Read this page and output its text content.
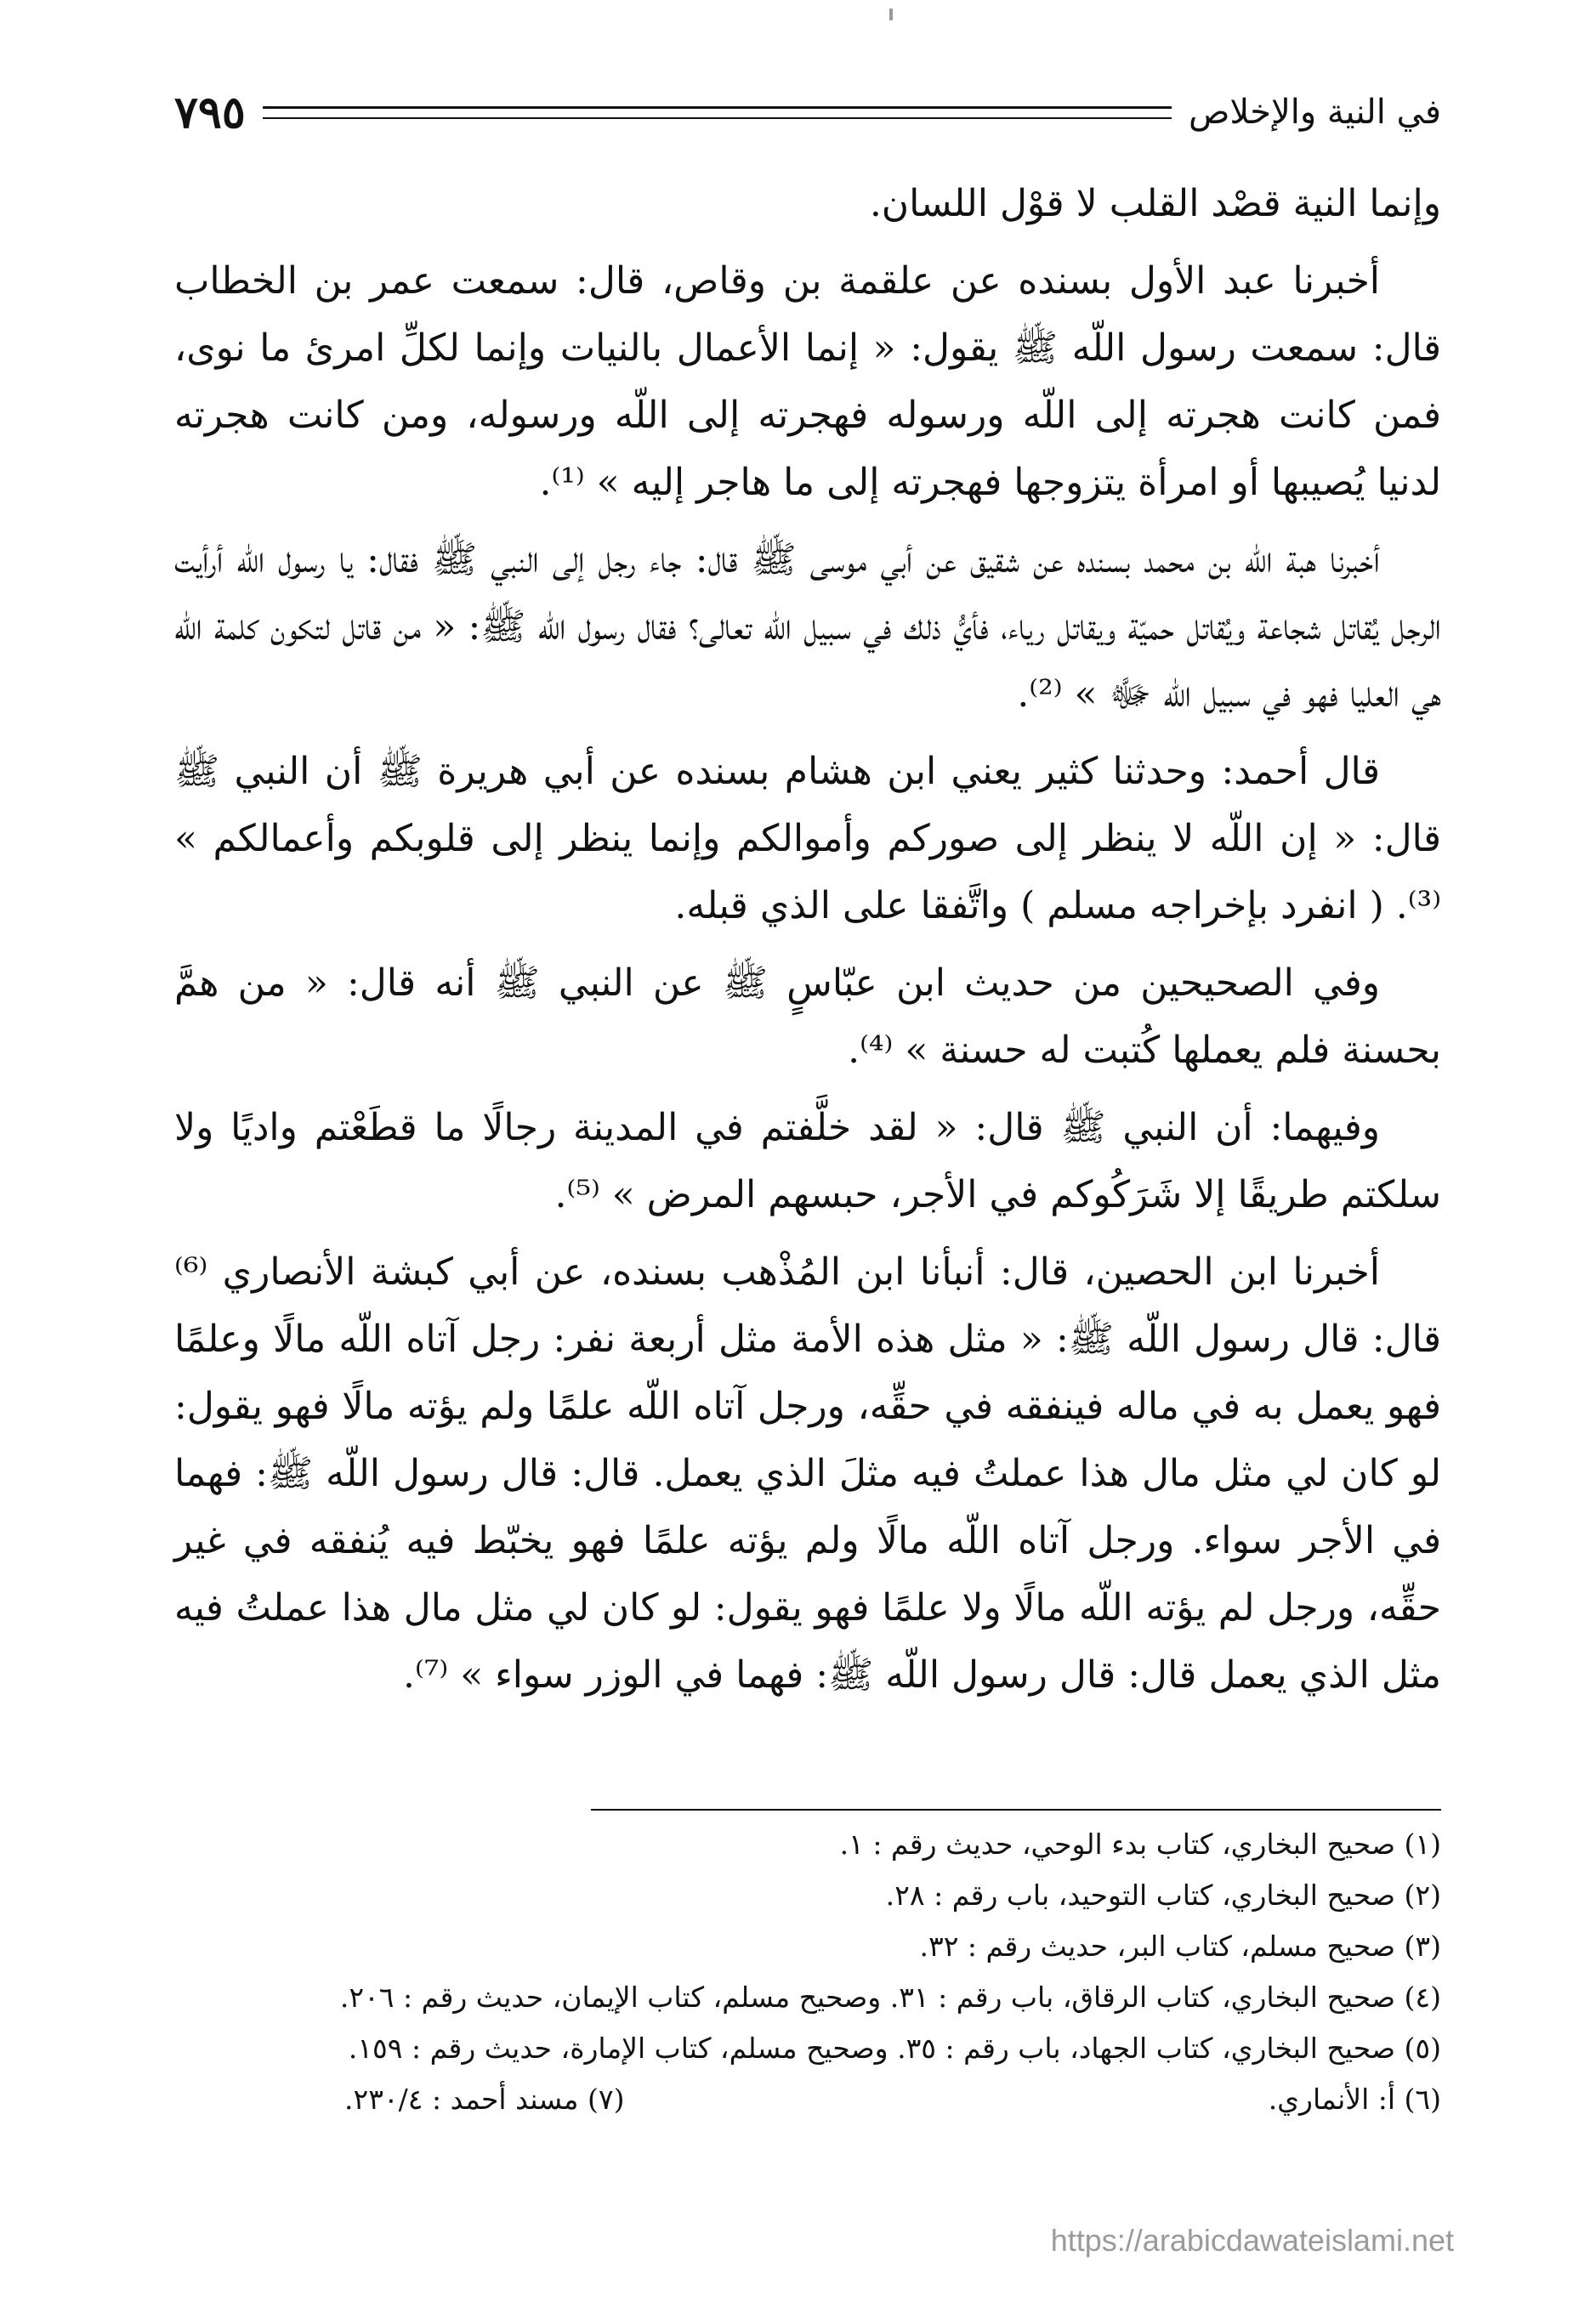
في النية والإخلاص
٧٩٥

وإنما النية قصْد القلب لا قوْل اللسان.

أخبرنا عبد الأول بسنده عن علقمة بن وقاص، قال: سمعت عمر بن الخطاب قال: سمعت رسول اللّه ﷺ يقول: « إنما الأعمال بالنيات وإنما لكلِّ امرئ ما نوى، فمن كانت هجرته إلى اللّه ورسوله فهجرته إلى اللّه ورسوله، ومن كانت هجرته لدنيا يُصيبها أو امرأة يتزوجها فهجرته إلى ما هاجر إليه » ⁽¹⁾.

أخبرنا هبة اللّه بن محمد بسنده عن شقيق عن أبي موسى ﷺ قال: جاء رجل إلى النبي ﷺ فقال: يا رسول اللّه أرأيت الرجل يُقاتل شجاعة ويُقاتل حميّة ويقاتل رياء، فأيُّ ذلك في سبيل اللّه تعالى؟ فقال رسول اللّه ﷺ: « من قاتل لتكون كلمة اللّه هي العليا فهو في سبيل اللّه ﷻ » ⁽²⁾.

قال أحمد: وحدثنا كثير يعني ابن هشام بسنده عن أبي هريرة ﷺ أن النبي ﷺ قال: « إن اللّه لا ينظر إلى صوركم وأموالكم وإنما ينظر إلى قلوبكم وأعمالكم » ⁽³⁾. ( انفرد بإخراجه مسلم ) واتَّفقا على الذي قبله.

وفي الصحيحين من حديث ابن عبّاسٍ ﷺ عن النبي ﷺ أنه قال: « من همَّ بحسنة فلم يعملها كُتبت له حسنة » ⁽⁴⁾.

وفيهما: أن النبي ﷺ قال: « لقد خلَّفتم في المدينة رجالًا ما قطَعْتم واديًا ولا سلكتم طريقًا إلا شَرَكُوكم في الأجر، حبسهم المرض » ⁽⁵⁾.

أخبرنا ابن الحصين، قال: أنبأنا ابن المُذْهب بسنده، عن أبي كبشة الأنصاري ⁽⁶⁾ قال: قال رسول اللّه ﷺ: « مثل هذه الأمة مثل أربعة نفر: رجل آتاه اللّه مالًا وعلمًا فهو يعمل به في ماله فينفقه في حقِّه، ورجل آتاه اللّه علمًا ولم يؤته مالًا فهو يقول: لو كان لي مثل مال هذا عملتُ فيه مثلَ الذي يعمل. قال: قال رسول اللّه ﷺ: فهما في الأجر سواء. ورجل آتاه اللّه مالًا ولم يؤته علمًا فهو يخبّط فيه يُنفقه في غير حقِّه، ورجل لم يؤته اللّه مالًا ولا علمًا فهو يقول: لو كان لي مثل مال هذا عملتُ فيه مثل الذي يعمل قال: قال رسول اللّه ﷺ: فهما في الوزر سواء » ⁽⁷⁾.

(١) صحيح البخاري، كتاب بدء الوحي، حديث رقم : ١.

(٢) صحيح البخاري، كتاب التوحيد، باب رقم : ٢٨.

(٣) صحيح مسلم، كتاب البر، حديث رقم : ٣٢.

(٤) صحيح البخاري، كتاب الرقاق، باب رقم : ٣١. وصحيح مسلم، كتاب الإيمان، حديث رقم : ٢٠٦.

(٥) صحيح البخاري، كتاب الجهاد، باب رقم : ٣٥. وصحيح مسلم، كتاب الإمارة، حديث رقم : ١٥٩.

(٦) أ: الأنماري.

(٧) مسند أحمد : ٢٣٠/٤.

https://arabicdawateislami.net
